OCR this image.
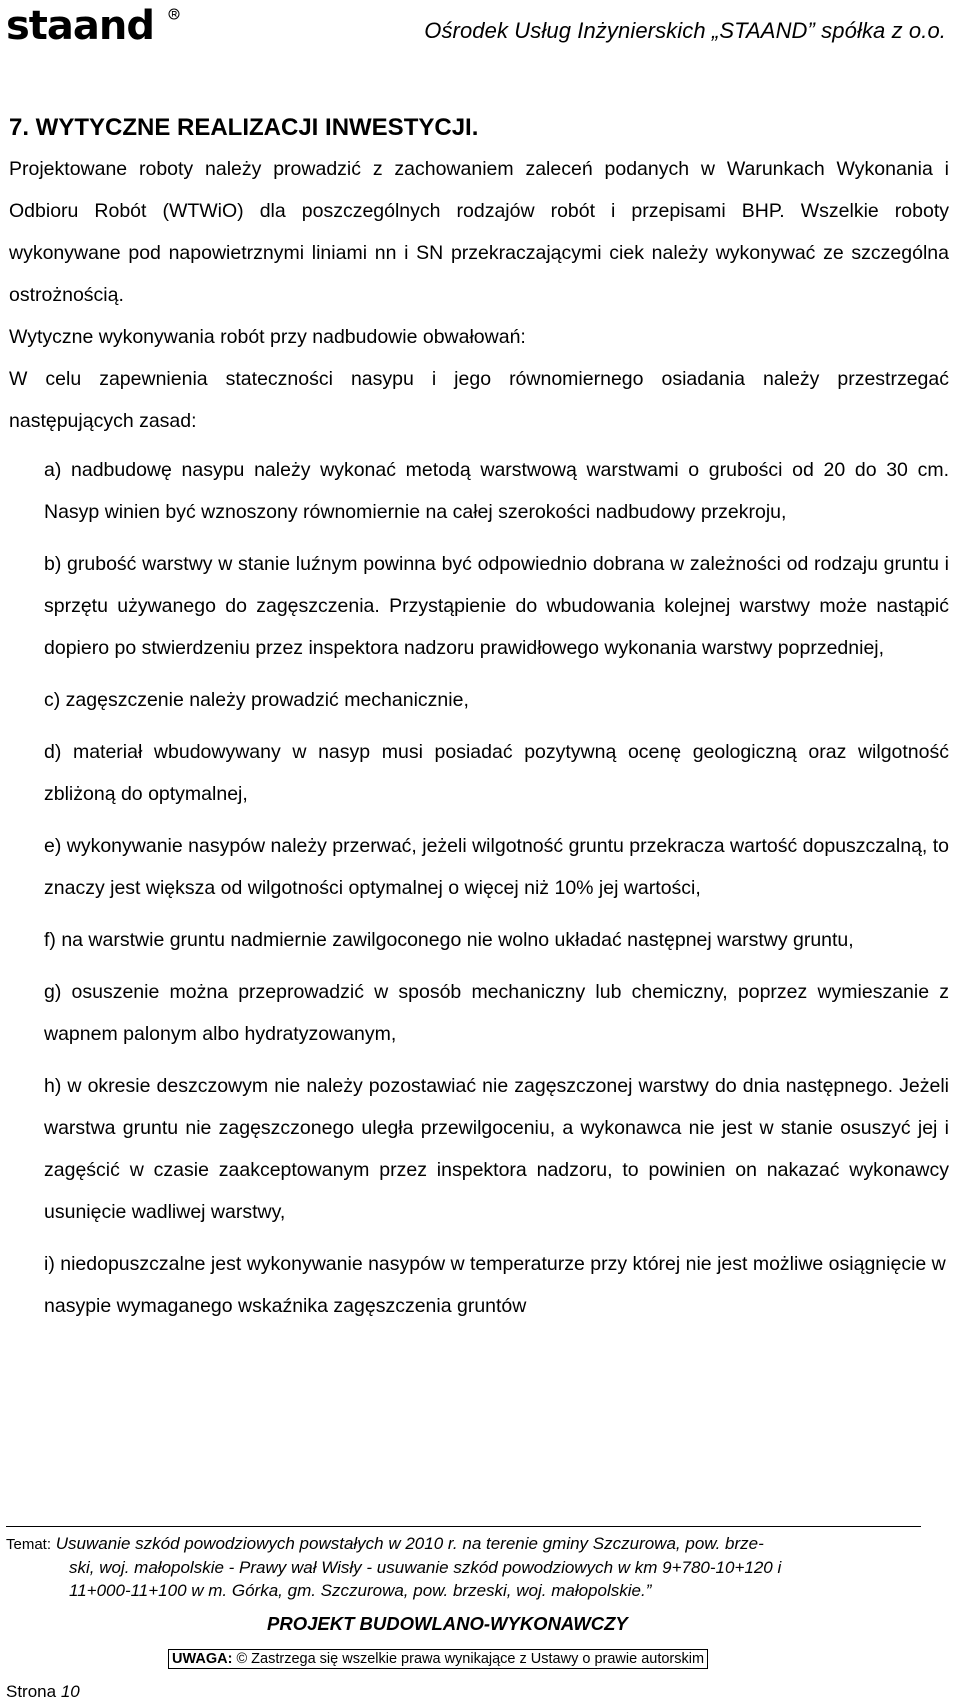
staand	Ośrodek Usług Inżynierskich „STAAND” spółka z o.o.
7. WYTYCZNE REALIZACJI INWESTYCJI.

Projektowane roboty należy prowadzić z zachowaniem zaleceń podanych w Warunkach Wykonania i Odbioru Robót (WTWiO) dla poszczególnych rodzajów robót i przepisami BHP. Wszelkie roboty wykonywane pod napowietrznymi liniami nn i SN przekraczającymi ciek należy wykonywać ze szczególna ostrożnością.

Wytyczne wykonywania robót przy nadbudowie obwałowań:

W celu zapewnienia stateczności nasypu i jego równomiernego osiadania należy przestrzegać następujących zasad:

a) nadbudowę nasypu należy wykonać metodą warstwową warstwami o grubości od 20 do 30 cm. Nasyp winien być wznoszony równomiernie na całej szerokości nadbudowy przekroju,

b) grubość warstwy w stanie luźnym powinna być odpowiednio dobrana w zależności od rodzaju gruntu i sprzętu używanego do zagęszczenia. Przystąpienie do wbudowania kolejnej warstwy może nastąpić dopiero po stwierdzeniu przez inspektora nadzoru prawidłowego wykonania warstwy poprzedniej,

c) zagęszczenie należy prowadzić mechanicznie,

d) materiał wbudowywany w nasyp musi posiadać pozytywną ocenę geologiczną oraz wilgotność zbliżoną do optymalnej,

e) wykonywanie nasypów należy przerwać, jeżeli wilgotność gruntu przekracza wartość dopuszczalną, to znaczy jest większa od wilgotności optymalnej o więcej niż 10% jej wartości,

f) na warstwie gruntu nadmiernie zawilgoconego nie wolno układać następnej warstwy gruntu,

g) osuszenie można przeprowadzić w sposób mechaniczny lub chemiczny, poprzez wymieszanie z wapnem palonym albo hydratyzowanym,

h) w okresie deszczowym nie należy pozostawiać nie zagęszczonej warstwy do dnia następnego. Jeżeli warstwa gruntu nie zagęszczonego uległa przewilgoceniu, a wykonawca nie jest w stanie osuszyć jej i zagęścić w czasie zaakceptowanym przez inspektora nadzoru, to powinien on nakazać wykonawcy usunięcie wadliwej warstwy,

i) niedopuszczalne jest wykonywanie nasypów w temperaturze przy której nie jest możliwe osiągnięcie w nasypie wymaganego wskaźnika zagęszczenia gruntów

Temat: Usuwanie szkód powodziowych powstałych w 2010 r. na terenie gminy Szczurowa, pow. brze-
ski, woj. małopolskie - Prawy wał Wisły - usuwanie szkód powodziowych w km 9+780-10+120 i
11+000-11+100 w m. Górka, gm. Szczurowa, pow. brzeski, woj. małopolskie.”
PROJEKT BUDOWLANO-WYKONAWCZY
UWAGA: © Zastrzega się wszelkie prawa wynikające z Ustawy o prawie autorskim
Strona 10
